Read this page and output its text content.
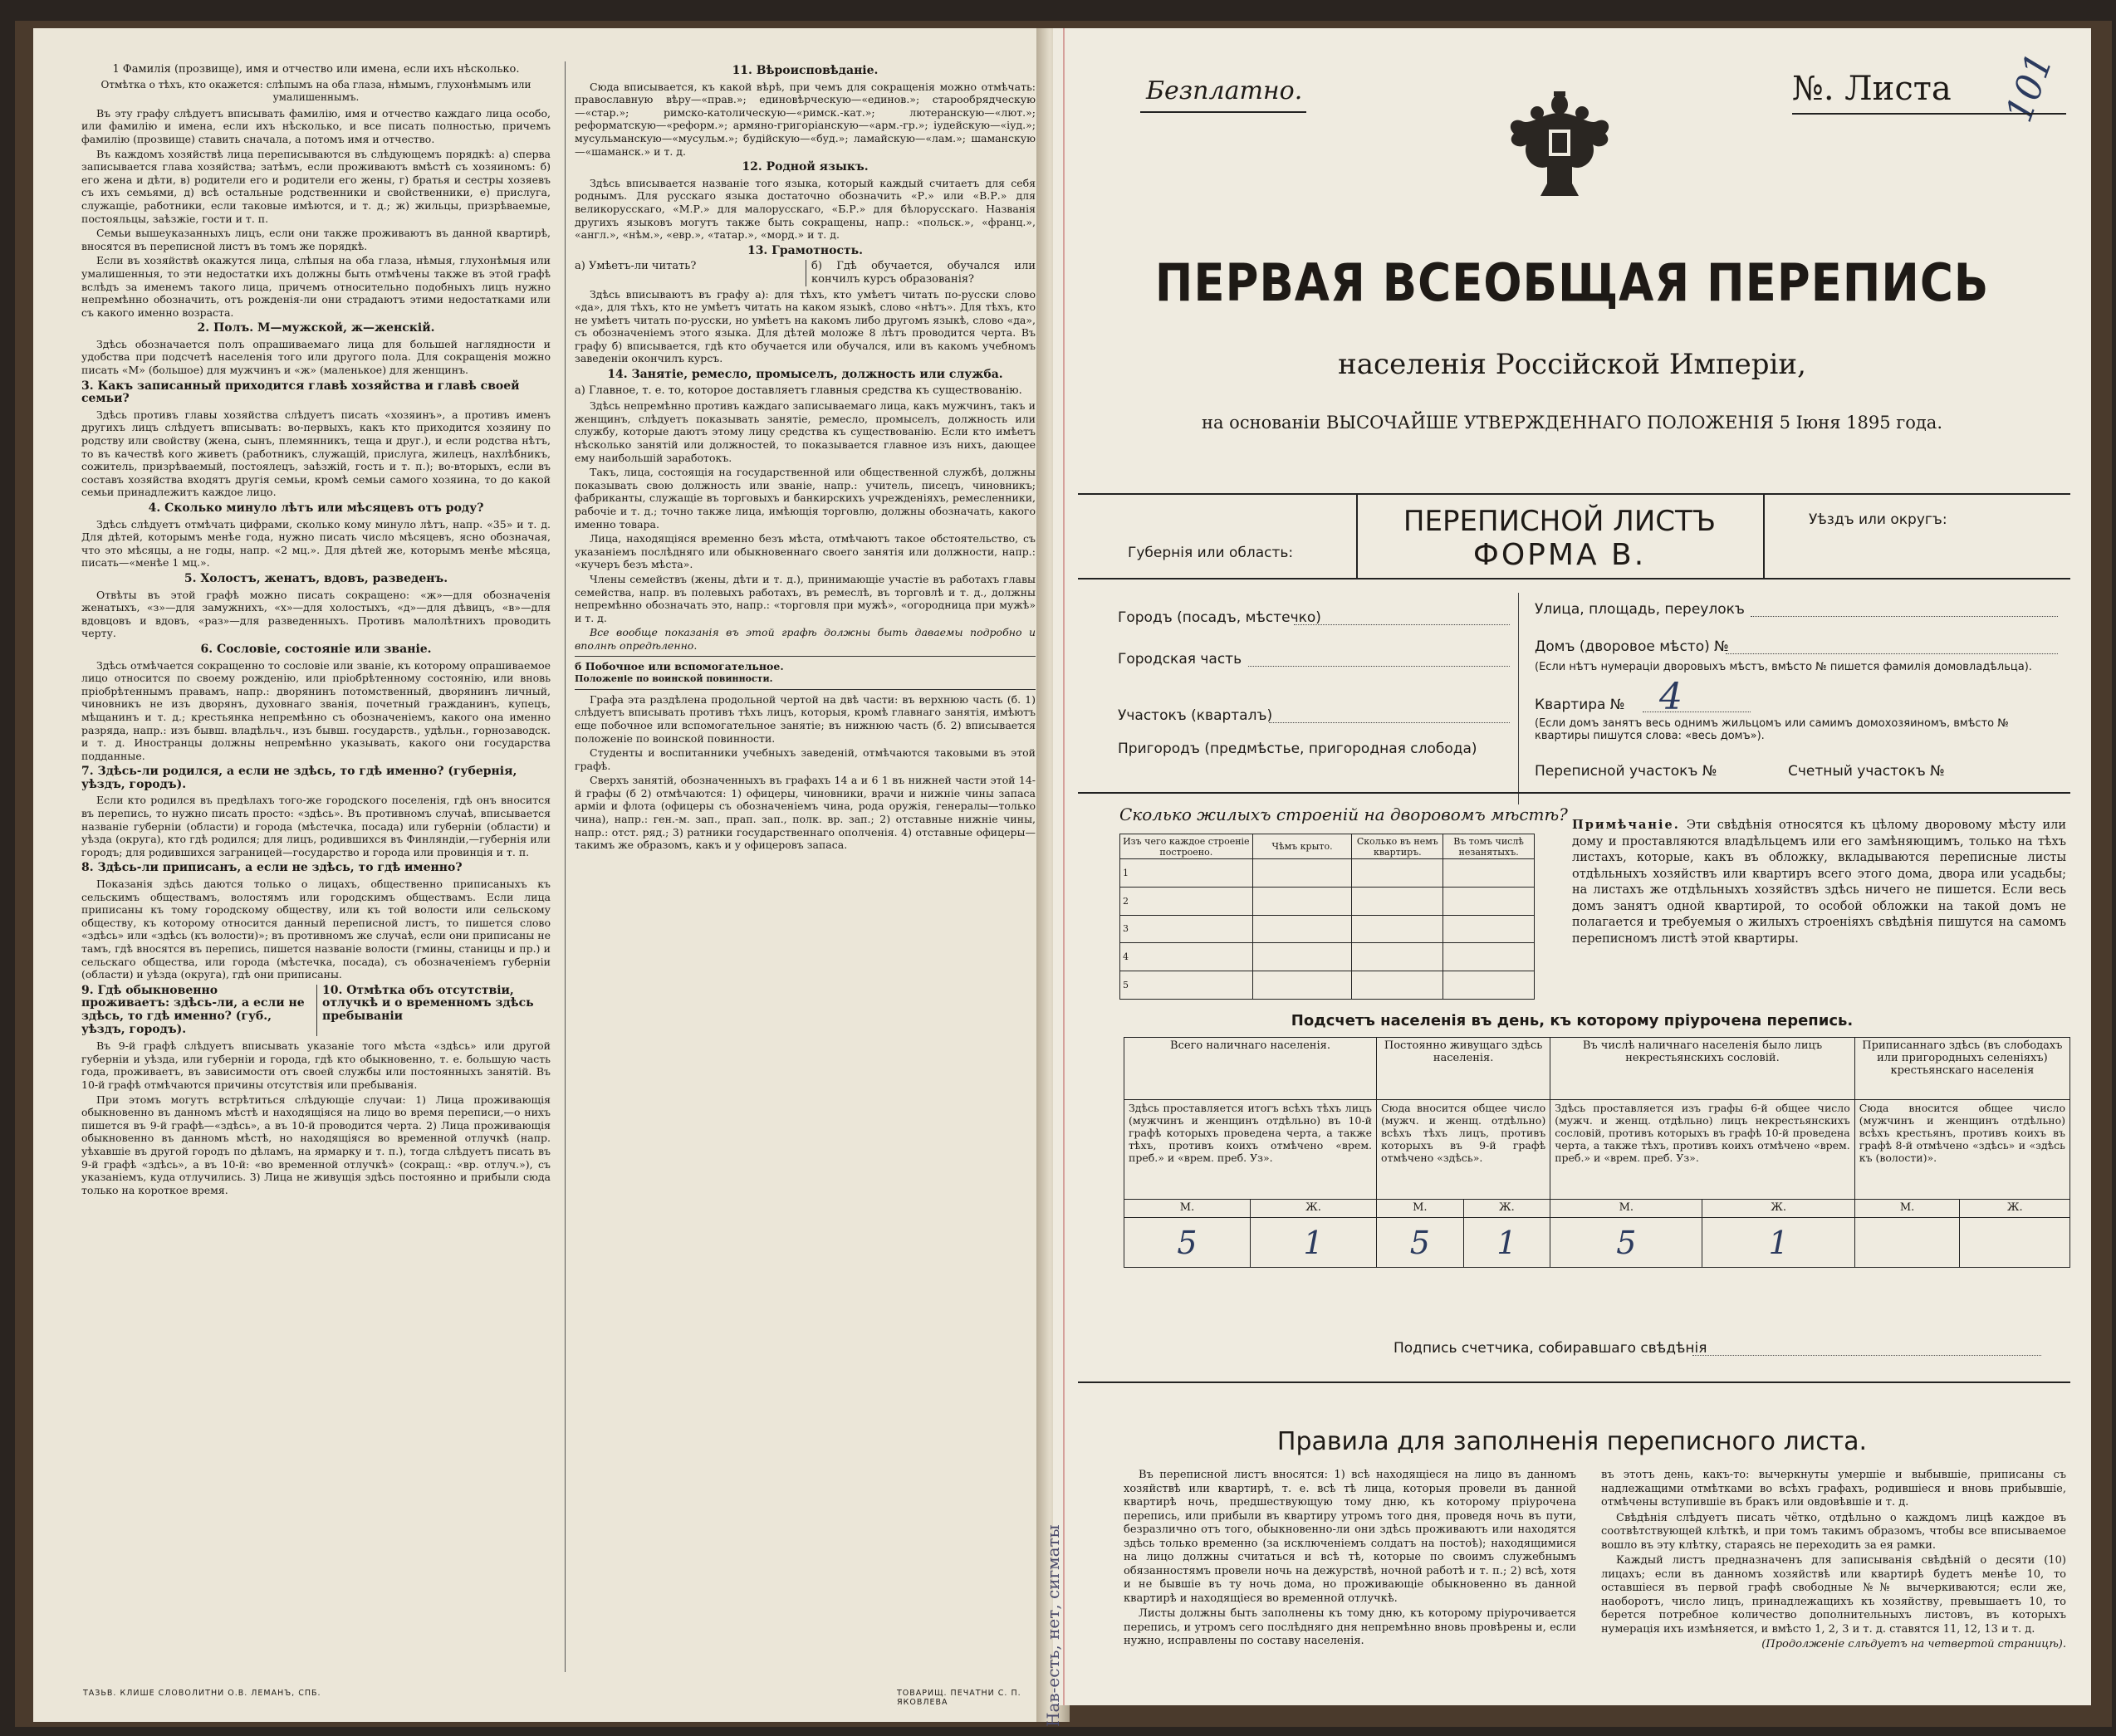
1 Фамилія (прозвище), имя и отчество или имена, если ихъ нѣсколько.
Отмѣтка о тѣхъ, кто окажется: слѣпымъ на оба глаза, нѣмымъ, глухонѣмымъ или умалишеннымъ.

Въ эту графу слѣдуетъ вписывать фамилію, имя и отчество каждаго лица особо, или фамилію и имена, если ихъ нѣсколько, и все писать полностью, причемъ фамилію (прозвище) ставить сначала, а потомъ имя и отчество.

Въ каждомъ хозяйствѣ лица переписываются въ слѣдующемъ порядкѣ: а) сперва записывается глава хозяйства; затѣмъ, если проживаютъ вмѣстѣ съ хозяиномъ: б) его жена и дѣти, в) родители его и родители его жены, г) братья и сестры хозяевъ съ ихъ семьями, д) всѣ остальные родственники и свойственники, е) прислуга, служащіе, работники, если таковые имѣются, и т. д.; ж) жильцы, призрѣваемые, постояльцы, заѣзжіе, гости и т. п.

Семьи вышеуказанныхъ лицъ, если они также проживаютъ въ данной квартирѣ, вносятся въ переписной листъ въ томъ же порядкѣ.

Если въ хозяйствѣ окажутся лица, слѣпыя на оба глаза, нѣмыя, глухонѣмыя или умалишенныя, то эти недостатки ихъ должны быть отмѣчены также въ этой графѣ вслѣдъ за именемъ такого лица, причемъ относительно подобныхъ лицъ нужно непремѣнно обозначить, отъ рожденія-ли они страдаютъ этими недостатками или съ какого именно возраста.

2. Полъ. М—мужской, ж—женскій.

Здѣсь обозначается полъ опрашиваемаго лица для большей наглядности и удобства при подсчетѣ населенія того или другого пола. Для сокращенія можно писать «М» (большое) для мужчинъ и «ж» (маленькое) для женщинъ.

3. Какъ записанный приходится главѣ хозяйства и главѣ своей семьи?

Здѣсь противъ главы хозяйства слѣдуетъ писать «хозяинъ», а противъ именъ другихъ лицъ слѣдуетъ вписывать: во-первыхъ, какъ кто приходится хозяину по родству или свойству (жена, сынъ, племянникъ, теща и друг.), и если родства нѣтъ, то въ качествѣ кого живетъ (работникъ, служащій, прислуга, жилецъ, нахлѣбникъ, сожитель, призрѣваемый, постоялецъ, заѣзжій, гость и т. п.); во-вторыхъ, если въ составъ хозяйства входятъ другія семьи, кромѣ семьи самого хозяина, то до какой семьи принадлежитъ каждое лицо.

4. Сколько минуло лѣтъ или мѣсяцевъ отъ роду?

Здѣсь слѣдуетъ отмѣчать цифрами, сколько кому минуло лѣтъ, напр. «35» и т. д. Для дѣтей, которымъ менѣе года, нужно писать число мѣсяцевъ, ясно обозначая, что это мѣсяцы, а не годы, напр. «2 мц.». Для дѣтей же, которымъ менѣе мѣсяца, писать—«менѣе 1 мц.».

5. Холостъ, женатъ, вдовъ, разведенъ.

Отвѣты въ этой графѣ можно писать сокращено: «ж»—для обозначенія женатыхъ, «з»—для замужнихъ, «х»—для холостыхъ, «д»—для дѣвицъ, «в»—для вдовцовъ и вдовъ, «раз»—для разведенныхъ. Противъ малолѣтнихъ проводить черту.

6. Сословіе, состояніе или званіе.

Здѣсь отмѣчается сокращенно то сословіе или званіе, къ которому опрашиваемое лицо относится по своему рожденію, или пріобрѣтенному состоянію, или вновь пріобрѣтеннымъ правамъ, напр.: дворянинъ потомственный, дворянинъ личный, чиновникъ не изъ дворянъ, духовнаго званія, почетный гражданинъ, купецъ, мѣщанинъ и т. д.; крестьянка непремѣнно съ обозначеніемъ, какого она именно разряда, напр.: изъ бывш. владѣльч., изъ бывш. государств., удѣльн., горнозаводск. и т. д. Иностранцы должны непремѣнно указывать, какого они государства подданные.

7. Здѣсь-ли родился, а если не здѣсь, то гдѣ именно? (губернія, уѣздъ, городъ).

Если кто родился въ предѣлахъ того-же городского поселенія, гдѣ онъ вносится въ перепись, то нужно писать просто: «здѣсь». Въ противномъ случаѣ, вписывается названіе губерніи (области) и города (мѣстечка, посада) или губерніи (области) и уѣзда (округа), кто гдѣ родился; для лицъ, родившихся въ Финляндіи,—губернія или городъ; для родившихся заграницей—государство и города или провинція и т. п.

8. Здѣсь-ли приписанъ, а если не здѣсь, то гдѣ именно?

Показанія здѣсь даются только о лицахъ, общественно приписаныхъ къ сельскимъ обществамъ, волостямъ или городскимъ обществамъ. Если лица приписаны къ тому городскому обществу, или къ той волости или сельскому обществу, къ которому относится данный переписной листъ, то пишется слово «здѣсь» или «здѣсь (къ волости)»; въ противномъ же случаѣ, если они приписаны не тамъ, гдѣ вносятся въ перепись, пишется названіе волости (гмины, станицы и пр.) и сельскаго общества, или города (мѣстечка, посада), съ обозначеніемъ губерніи (области) и уѣзда (округа), гдѣ они приписаны.

9. Гдѣ обыкновенно проживаетъ: здѣсь-ли, а если не здѣсь, то гдѣ именно? (губ., уѣздъ, городъ).
10. Отмѣтка объ отсутствіи, отлучкѣ и о временномъ здѣсь пребываніи

Въ 9-й графѣ слѣдуетъ вписывать указаніе того мѣста «здѣсь» или другой губерніи и уѣзда, или губерніи и города, гдѣ кто обыкновенно, т. е. большую часть года, проживаетъ, въ зависимости отъ своей службы или постоянныхъ занятій. Въ 10-й графѣ отмѣчаются причины отсутствія или пребыванія.

При этомъ могутъ встрѣтиться слѣдующіе случаи: 1) Лица проживающія обыкновенно въ данномъ мѣстѣ и находящіяся на лицо во время переписи,—о нихъ пишется въ 9-й графѣ—«здѣсь», а въ 10-й проводится черта. 2) Лица проживающія обыкновенно въ данномъ мѣстѣ, но находящіяся во временной отлучкѣ (напр. уѣхавшіе въ другой городъ по дѣламъ, на ярмарку и т. п.), тогда слѣдуетъ писать въ 9-й графѣ «здѣсь», а въ 10-й: «во временной отлучкѣ» (сокращ.: «вр. отлуч.»), съ указаніемъ, куда отлучились. 3) Лица не живущія здѣсь постоянно и прибыли сюда только на короткое время.

ТАЗЬВ. КЛИШЕ СЛОВОЛИТНИ О.В. ЛЕМАНЪ, СПБ.
11. Вѣроисповѣданіе.

Сюда вписывается, къ какой вѣрѣ, при чемъ для сокращенія можно отмѣчать: православную вѣру—«прав.»; единовѣрческую—«единов.»; старообрядческую—«стар.»; римско-католическую—«римск.-кат.»; лютеранскую—«лют.»; реформатскую—«реформ.»; армяно-григоріанскую—«арм.-гр.»; іудейскую—«іуд.»; мусульманскую—«мусульм.»; будійскую—«буд.»; ламайскую—«лам.»; шаманскую—«шаманск.» и т. д.

12. Родной языкъ.

Здѣсь вписывается названіе того языка, который каждый считаетъ для себя роднымъ. Для русскаго языка достаточно обозначить «Р.» или «В.Р.» для великорусскаго, «М.Р.» для малорусскаго, «Б.Р.» для бѣлорусскаго. Названія другихъ языковъ могутъ также быть сокращены, напр.: «польск.», «франц.», «англ.», «нѣм.», «евр.», «татар.», «морд.» и т. д.

13. Грамотность.
а) Умѣетъ-ли читать?	б) Гдѣ обучается, обучался или кончилъ курсъ образованія?

Здѣсь вписываютъ въ графу а): для тѣхъ, кто умѣетъ читать по-русски слово «да», для тѣхъ, кто не умѣетъ читать на каком языкѣ, слово «нѣтъ». Для тѣхъ, кто не умѣетъ читать по-русски, но умѣетъ на какомъ либо другомъ языкѣ, слово «да», съ обозначеніемъ этого языка. Для дѣтей моложе 8 лѣтъ проводится черта. Въ графу б) вписывается, гдѣ кто обучается или обучался, или въ какомъ учебномъ заведеніи окончилъ курсъ.

14. Занятіе, ремесло, промыселъ, должность или служба.
а) Главное, т. е. то, которое доставляетъ главныя средства къ существованію.

Здѣсь непремѣнно противъ каждаго записываемаго лица, какъ мужчинъ, такъ и женщинъ, слѣдуетъ показывать занятіе, ремесло, промыселъ, должность или службу, которые даютъ этому лицу средства къ существованію. Если кто имѣетъ нѣсколько занятій или должностей, то показывается главное изъ нихъ, дающее ему наибольшій заработокъ.

Такъ, лица, состоящія на государственной или общественной службѣ, должны показывать свою должность или званіе, напр.: учитель, писецъ, чиновникъ; фабриканты, служащіе въ торговыхъ и банкирскихъ учрежденіяхъ, ремесленники, рабочіе и т. д.; точно также лица, имѣющія торговлю, должны обозначать, какого именно товара.

Лица, находящіяся временно безъ мѣста, отмѣчаютъ такое обстоятельство, съ указаніемъ послѣдняго или обыкновеннаго своего занятія или должности, напр.: «кучеръ безъ мѣста».

Члены семействъ (жены, дѣти и т. д.), принимающіе участіе въ работахъ главы семейства, напр. въ полевыхъ работахъ, въ ремеслѣ, въ торговлѣ и т. д., должны непремѣнно обозначать это, напр.: «торговля при мужѣ», «огородница при мужѣ» и т. д.

Все вообще показанія въ этой графѣ должны быть даваемы подробно и вполнѣ опредѣленно.

б Побочное или вспомогательное.
Положеніе по воинской повинности.

Графа эта раздѣлена продольной чертой на двѣ части: въ верхнюю часть (б. 1) слѣдуетъ вписывать противъ тѣхъ лицъ, которыя, кромѣ главнаго занятія, имѣютъ еще побочное или вспомогательное занятіе; въ нижнюю часть (б. 2) вписывается положеніе по воинской повинности.

Студенты и воспитанники учебныхъ заведеній, отмѣчаются таковыми въ этой графѣ.

Сверхъ занятій, обозначенныхъ въ графахъ 14 а и 6 1 въ нижней части этой 14-й графы (б 2) отмѣчаются: 1) офицеры, чиновники, врачи и нижніе чины запаса арміи и флота (офицеры съ обозначеніемъ чина, рода оружія, генералы—только чина), напр.: ген.-м. зап., прап. зап., полк. вр. зап.; 2) отставные нижніе чины, напр.: отст. ряд.; 3) ратники государственнаго ополченія. 4) отставные офицеры—такимъ же образомъ, какъ и у офицеровъ запаса.

ТОВАРИЩ. ПЕЧАТНИ С. П. ЯКОВЛЕВА
Безплатно.	№. Листа 101
ПЕРВАЯ ВСЕОБЩАЯ ПЕРЕПИСЬ
населенія Россійской Имперіи,
на основаніи ВЫСОЧАЙШЕ УТВЕРЖДЕННАГО ПОЛОЖЕНІЯ 5 Іюня 1895 года.
Губернія или область:
ПЕРЕПИСНОЙ ЛИСТЪ
ФОРМА В.
Уѣздъ или округъ:
Городъ (посадъ, мѣстечко)
Городская часть
Участокъ (кварталъ)
Пригородъ (предмѣстье, пригородная слобода)
Улица, площадь, переулокъ
Домъ (дворовое мѣсто) №
(Если нѣтъ нумераціи дворовыхъ мѣстъ, вмѣсто № пишется фамилія домовладѣльца).
Квартира № 4
(Если домъ занятъ весь однимъ жильцомъ или самимъ домохозяиномъ, вмѣсто № квартиры пишутся слова: «весь домъ»).
Переписной участокъ №	Счетный участокъ №
Сколько жилыхъ строеній на дворовомъ мѣстѣ?
Изъ чего каждое строеніе построено.	Чѣмъ крыто.	Сколько въ немъ квартиръ.	Въ томъ числѣ незанятыхъ.
1			
2			
3			
4			
5			
Примѣчаніе. Эти свѣдѣнія относятся къ цѣлому дворовому мѣсту или дому и проставляются владѣльцемъ или его замѣняющимъ, только на тѣхъ листахъ, которые, какъ въ обложку, вкладываются переписные листы отдѣльныхъ хозяйствъ или квартиръ всего этого дома, двора или усадьбы; на листахъ же отдѣльныхъ хозяйствъ здѣсь ничего не пишется. Если весь домъ занятъ одной квартирой, то особой обложки на такой домъ не полагается и требуемыя о жилыхъ строеніяхъ свѣдѣнія пишутся на самомъ переписномъ листѣ этой квартиры.
Подсчетъ населенія въ день, къ которому пріурочена перепись.
Всего наличнаго населенія.		Постоянно живущаго здѣсь населенія.		Въ числѣ наличнаго населенія было лицъ некрестьянскихъ сословій.		Приписаннаго здѣсь (въ слободахъ или пригородныхъ селеніяхъ) крестьянскаго населенія	
Здѣсь проставляется итогъ всѣхъ тѣхъ лицъ (мужчинъ и женщинъ отдѣльно) въ 10-й графѣ которыхъ проведена черта, а также тѣхъ, противъ коихъ отмѣчено «врем. преб.» и «врем. преб. Уз».		Сюда вносится общее число (мужч. и женщ. отдѣльно) всѣхъ тѣхъ лицъ, противъ которыхъ въ 9-й графѣ отмѣчено «здѣсь».		Здѣсь проставляется изъ графы 6-й общее число (мужч. и женщ. отдѣльно) лицъ некрестьянскихъ сословій, противъ которыхъ въ графѣ 10-й проведена черта, а также тѣхъ, противъ коихъ отмѣчено «врем. преб.» и «врем. преб. Уз».		Сюда вносится общее число (мужчинъ и женщинъ отдѣльно) всѣхъ крестьянъ, противъ коихъ въ графѣ 8-й отмѣчено «здѣсь» и «здѣсь къ (волости)».	
М.	Ж.	М.	Ж.	М.	Ж.	М.	Ж.
5	1	5	1	5	1		
Подпись счетчика, собиравшаго свѣдѣнія
Правила для заполненія переписного листа.

Въ переписной листъ вносятся: 1) всѣ находящіеся на лицо въ данномъ хозяйствѣ или квартирѣ, т. е. всѣ тѣ лица, которыя провели въ данной квартирѣ ночь, предшествующую тому дню, къ которому пріурочена перепись, или прибыли въ квартиру утромъ того дня, проведя ночь въ пути, безразлично отъ того, обыкновенно-ли они здѣсь проживаютъ или находятся здѣсь только временно (за исключеніемъ солдатъ на постоѣ); находящимися на лицо должны считаться и всѣ тѣ, которые по своимъ служебнымъ обязанностямъ провели ночь на дежурствѣ, ночной работѣ и т. п.; 2) всѣ, хотя и не бывшіе въ ту ночь дома, но проживающіе обыкновенно въ данной квартирѣ и находящіеся во временной отлучкѣ.

Листы должны быть заполнены къ тому дню, къ которому пріурочивается перепись, и утромъ сего послѣдняго дня непремѣнно вновь провѣрены и, если нужно, исправлены по составу населенія.

въ этотъ день, какъ-то: вычеркнуты умершіе и выбывшіе, приписаны съ надлежащими отмѣтками во всѣхъ графахъ, родившіеся и вновь прибывшіе, отмѣчены вступившіе въ бракъ или овдовѣвшіе и т. д.

Свѣдѣнія слѣдуетъ писать чётко, отдѣльно о каждомъ лицѣ каждое въ соотвѣтствующей клѣткѣ, и при томъ такимъ образомъ, чтобы все вписываемое вошло въ эту клѣтку, стараясь не переходить за ея рамки.

Каждый листъ предназначенъ для записыванія свѣдѣній о десяти (10) лицахъ; если въ данномъ хозяйствѣ или квартирѣ будетъ менѣе 10, то оставшіеся въ первой графѣ свободные №№ вычеркиваются; если же, наоборотъ, число лицъ, принадлежащихъ къ хозяйству, превышаетъ 10, то берется потребное количество дополнительныхъ листовъ, въ которыхъ нумерація ихъ измѣняется, и вмѣсто 1, 2, 3 и т. д. ставятся 11, 12, 13 и т. д.

(Продолженіе слѣдуетъ на четвертой страницѣ).

Нав-есть, нет, сигматы
